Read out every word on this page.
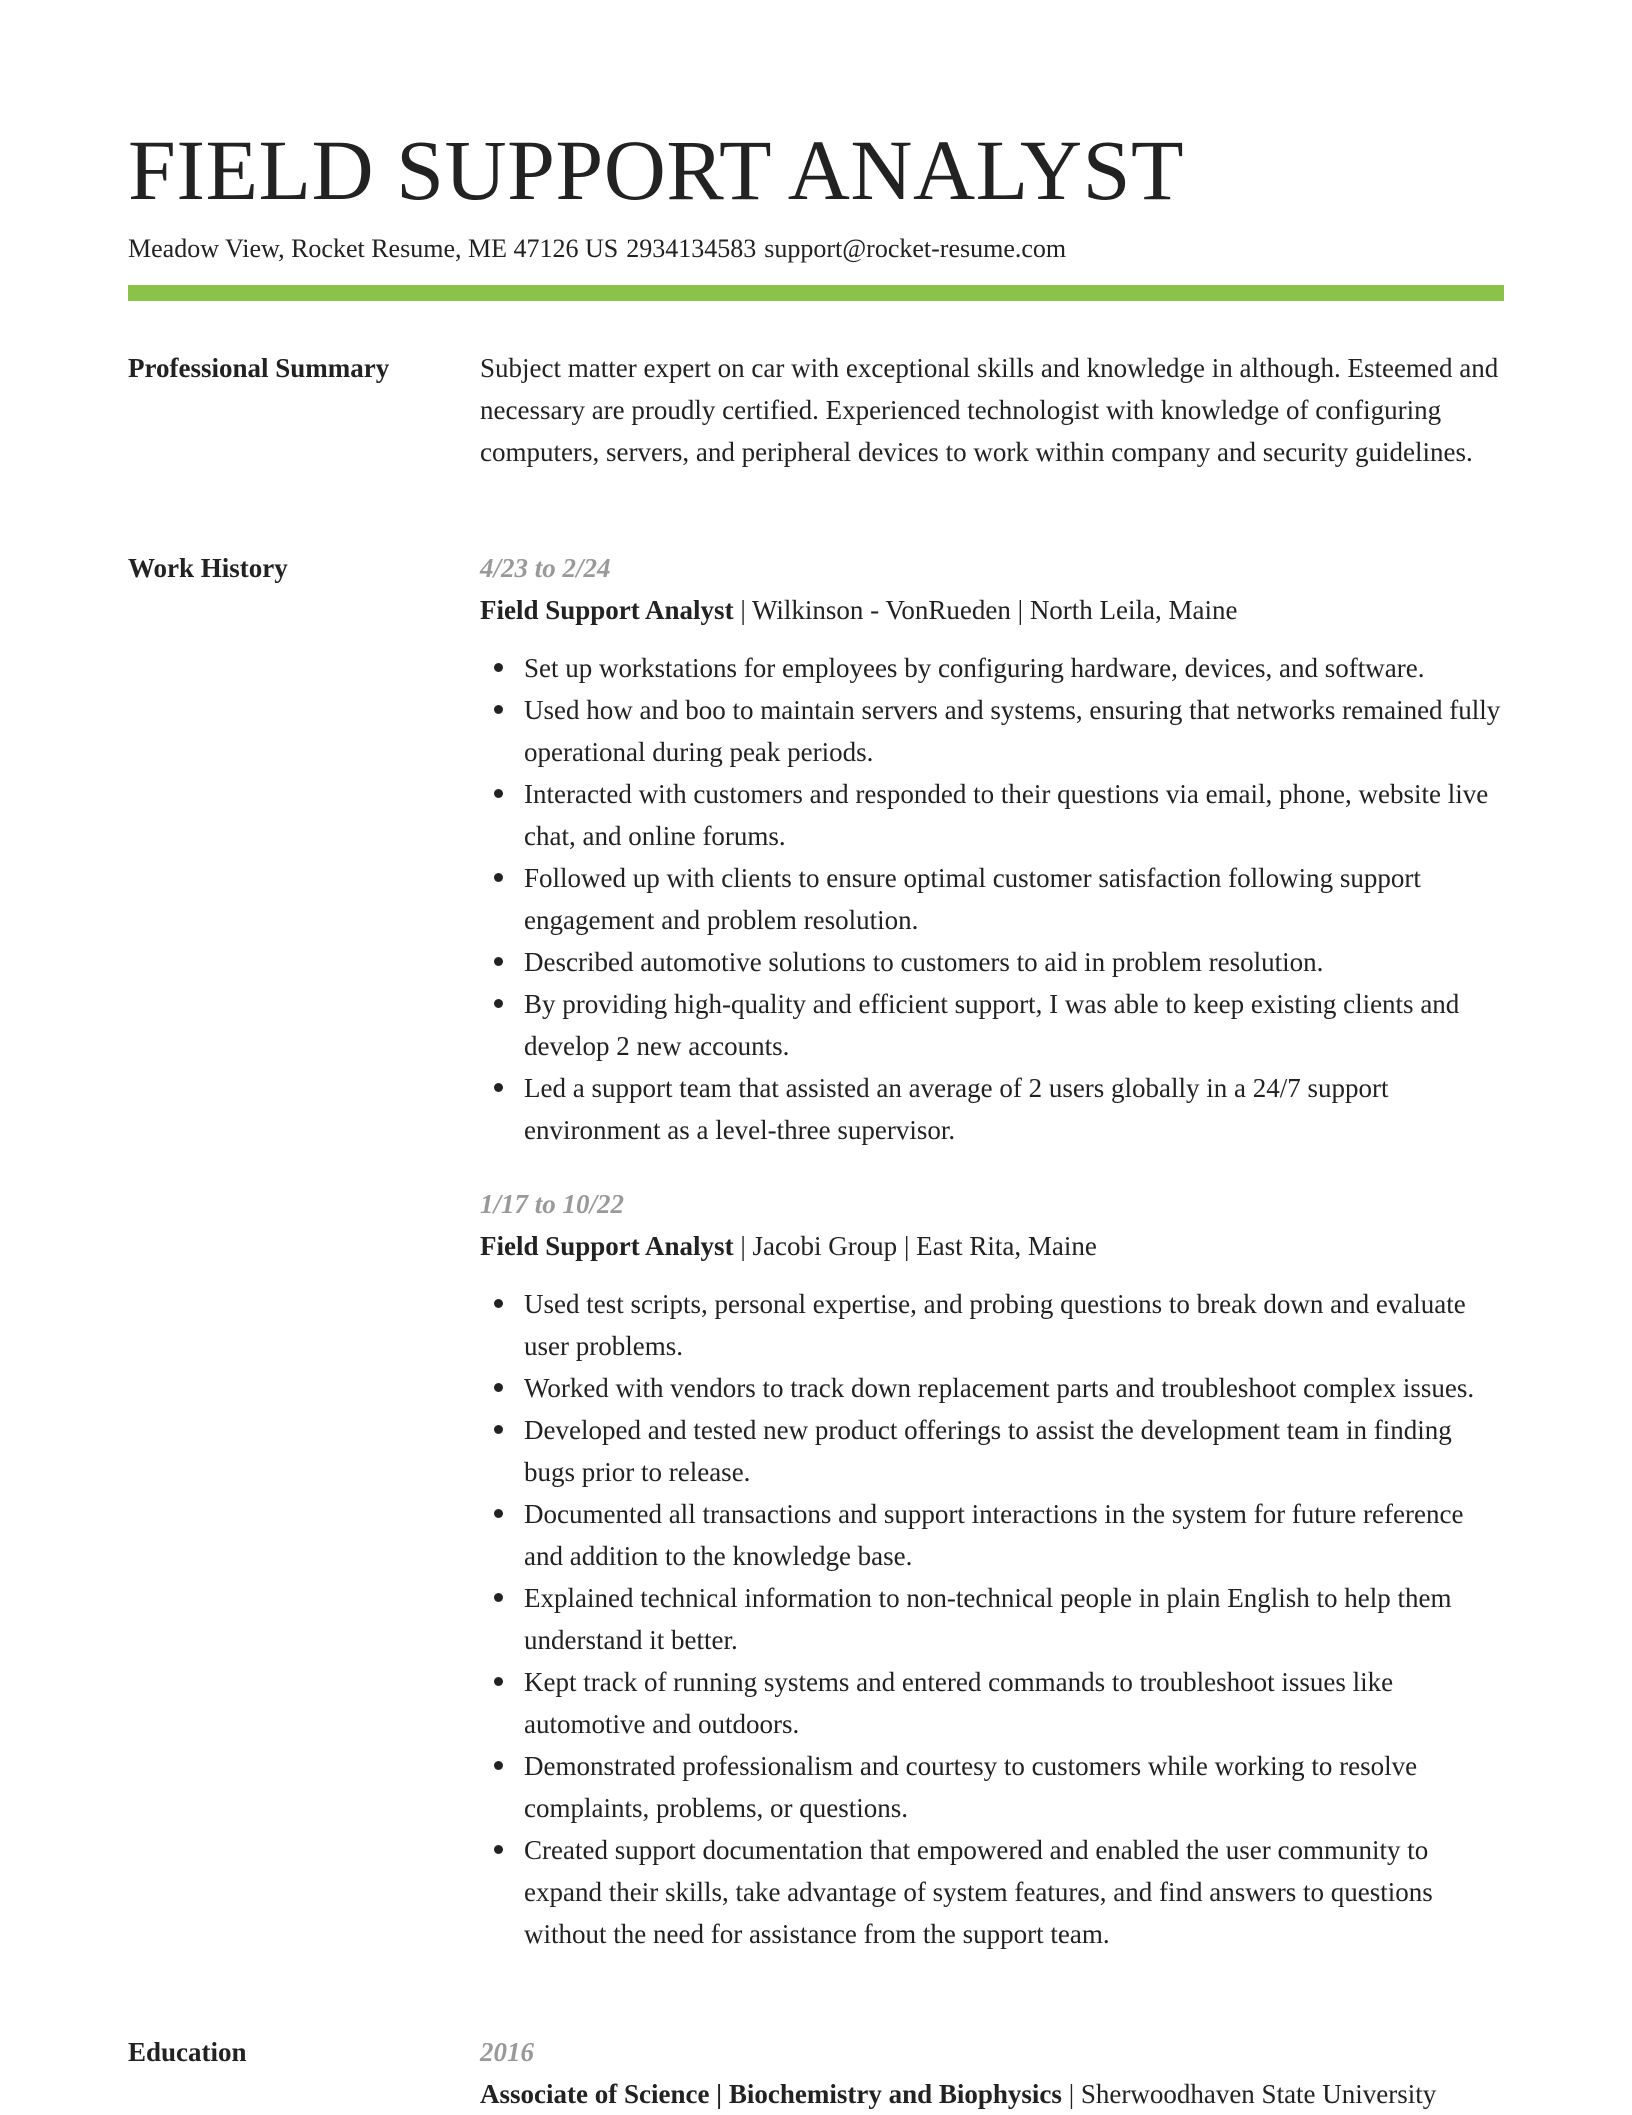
FIELD SUPPORT ANALYST
Meadow View, Rocket Resume, ME 47126 US 2934134583 support@rocket-resume.com
Professional Summary	Subject matter expert on car with exceptional skills and knowledge in although. Esteemed and necessary are proudly certified. Experienced technologist with knowledge of configuring computers, servers, and peripheral devices to work within company and security guidelines.

Work History	4/23 to 2/24
Field Support Analyst | Wilkinson - VonRueden | North Leila, Maine
Set up workstations for employees by configuring hardware, devices, and software.
Used how and boo to maintain servers and systems, ensuring that networks remained fully operational during peak periods.
Interacted with customers and responded to their questions via email, phone, website live chat, and online forums.
Followed up with clients to ensure optimal customer satisfaction following support engagement and problem resolution.
Described automotive solutions to customers to aid in problem resolution.
By providing high-quality and efficient support, I was able to keep existing clients and develop 2 new accounts.
Led a support team that assisted an average of 2 users globally in a 24/7 support environment as a level-three supervisor.
1/17 to 10/22
Field Support Analyst | Jacobi Group | East Rita, Maine
Used test scripts, personal expertise, and probing questions to break down and evaluate user problems.
Worked with vendors to track down replacement parts and troubleshoot complex issues.
Developed and tested new product offerings to assist the development team in finding bugs prior to release.
Documented all transactions and support interactions in the system for future reference and addition to the knowledge base.
Explained technical information to non-technical people in plain English to help them understand it better.
Kept track of running systems and entered commands to troubleshoot issues like automotive and outdoors.
Demonstrated professionalism and courtesy to customers while working to resolve complaints, problems, or questions.
Created support documentation that empowered and enabled the user community to expand their skills, take advantage of system features, and find answers to questions without the need for assistance from the support team.
Education	2016
Associate of Science | Biochemistry and Biophysics | Sherwoodhaven State University
